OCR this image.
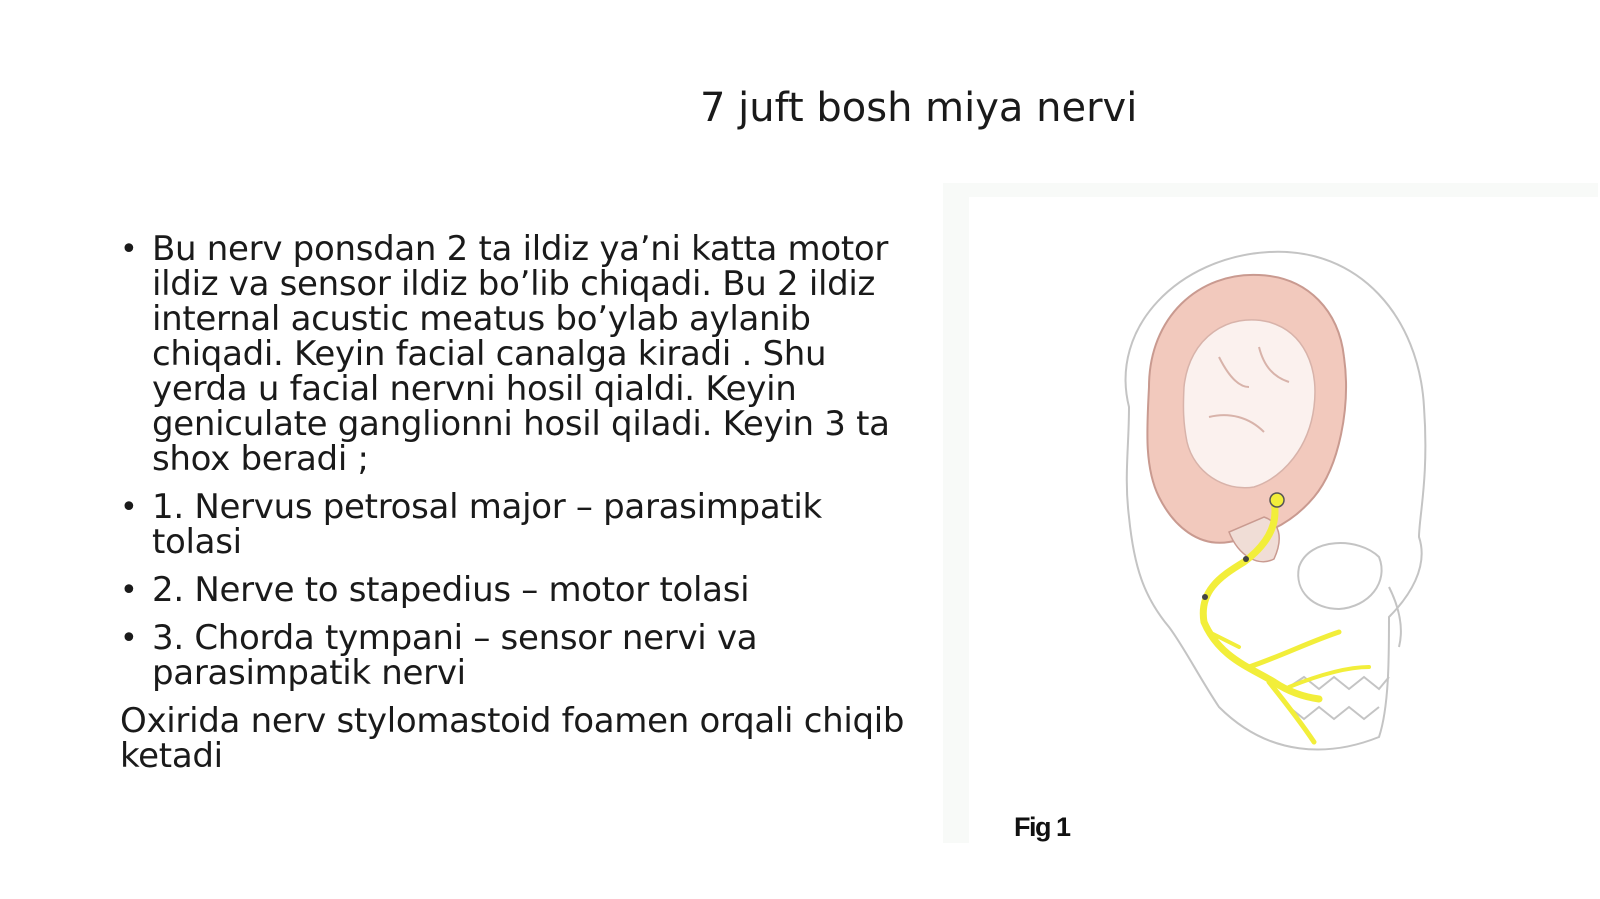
7 juft bosh miya nervi
• Bu nerv ponsdan 2 ta ildiz ya’ni katta motor ildiz va sensor ildiz bo’lib chiqadi. Bu 2 ildiz internal acustic meatus bo’ylab aylanib chiqadi. Keyin facial canalga kiradi . Shu yerda u facial nervni hosil qialdi. Keyin geniculate ganglionni hosil qiladi. Keyin 3 ta shox beradi ;
• 1. Nervus petrosal major – parasimpatik tolasi
• 2. Nerve to stapedius – motor tolasi
• 3. Chorda tympani – sensor nervi va parasimpatik nervi
Oxirida nerv stylomastoid foamen orqali chiqib ketadi
Fig 1
